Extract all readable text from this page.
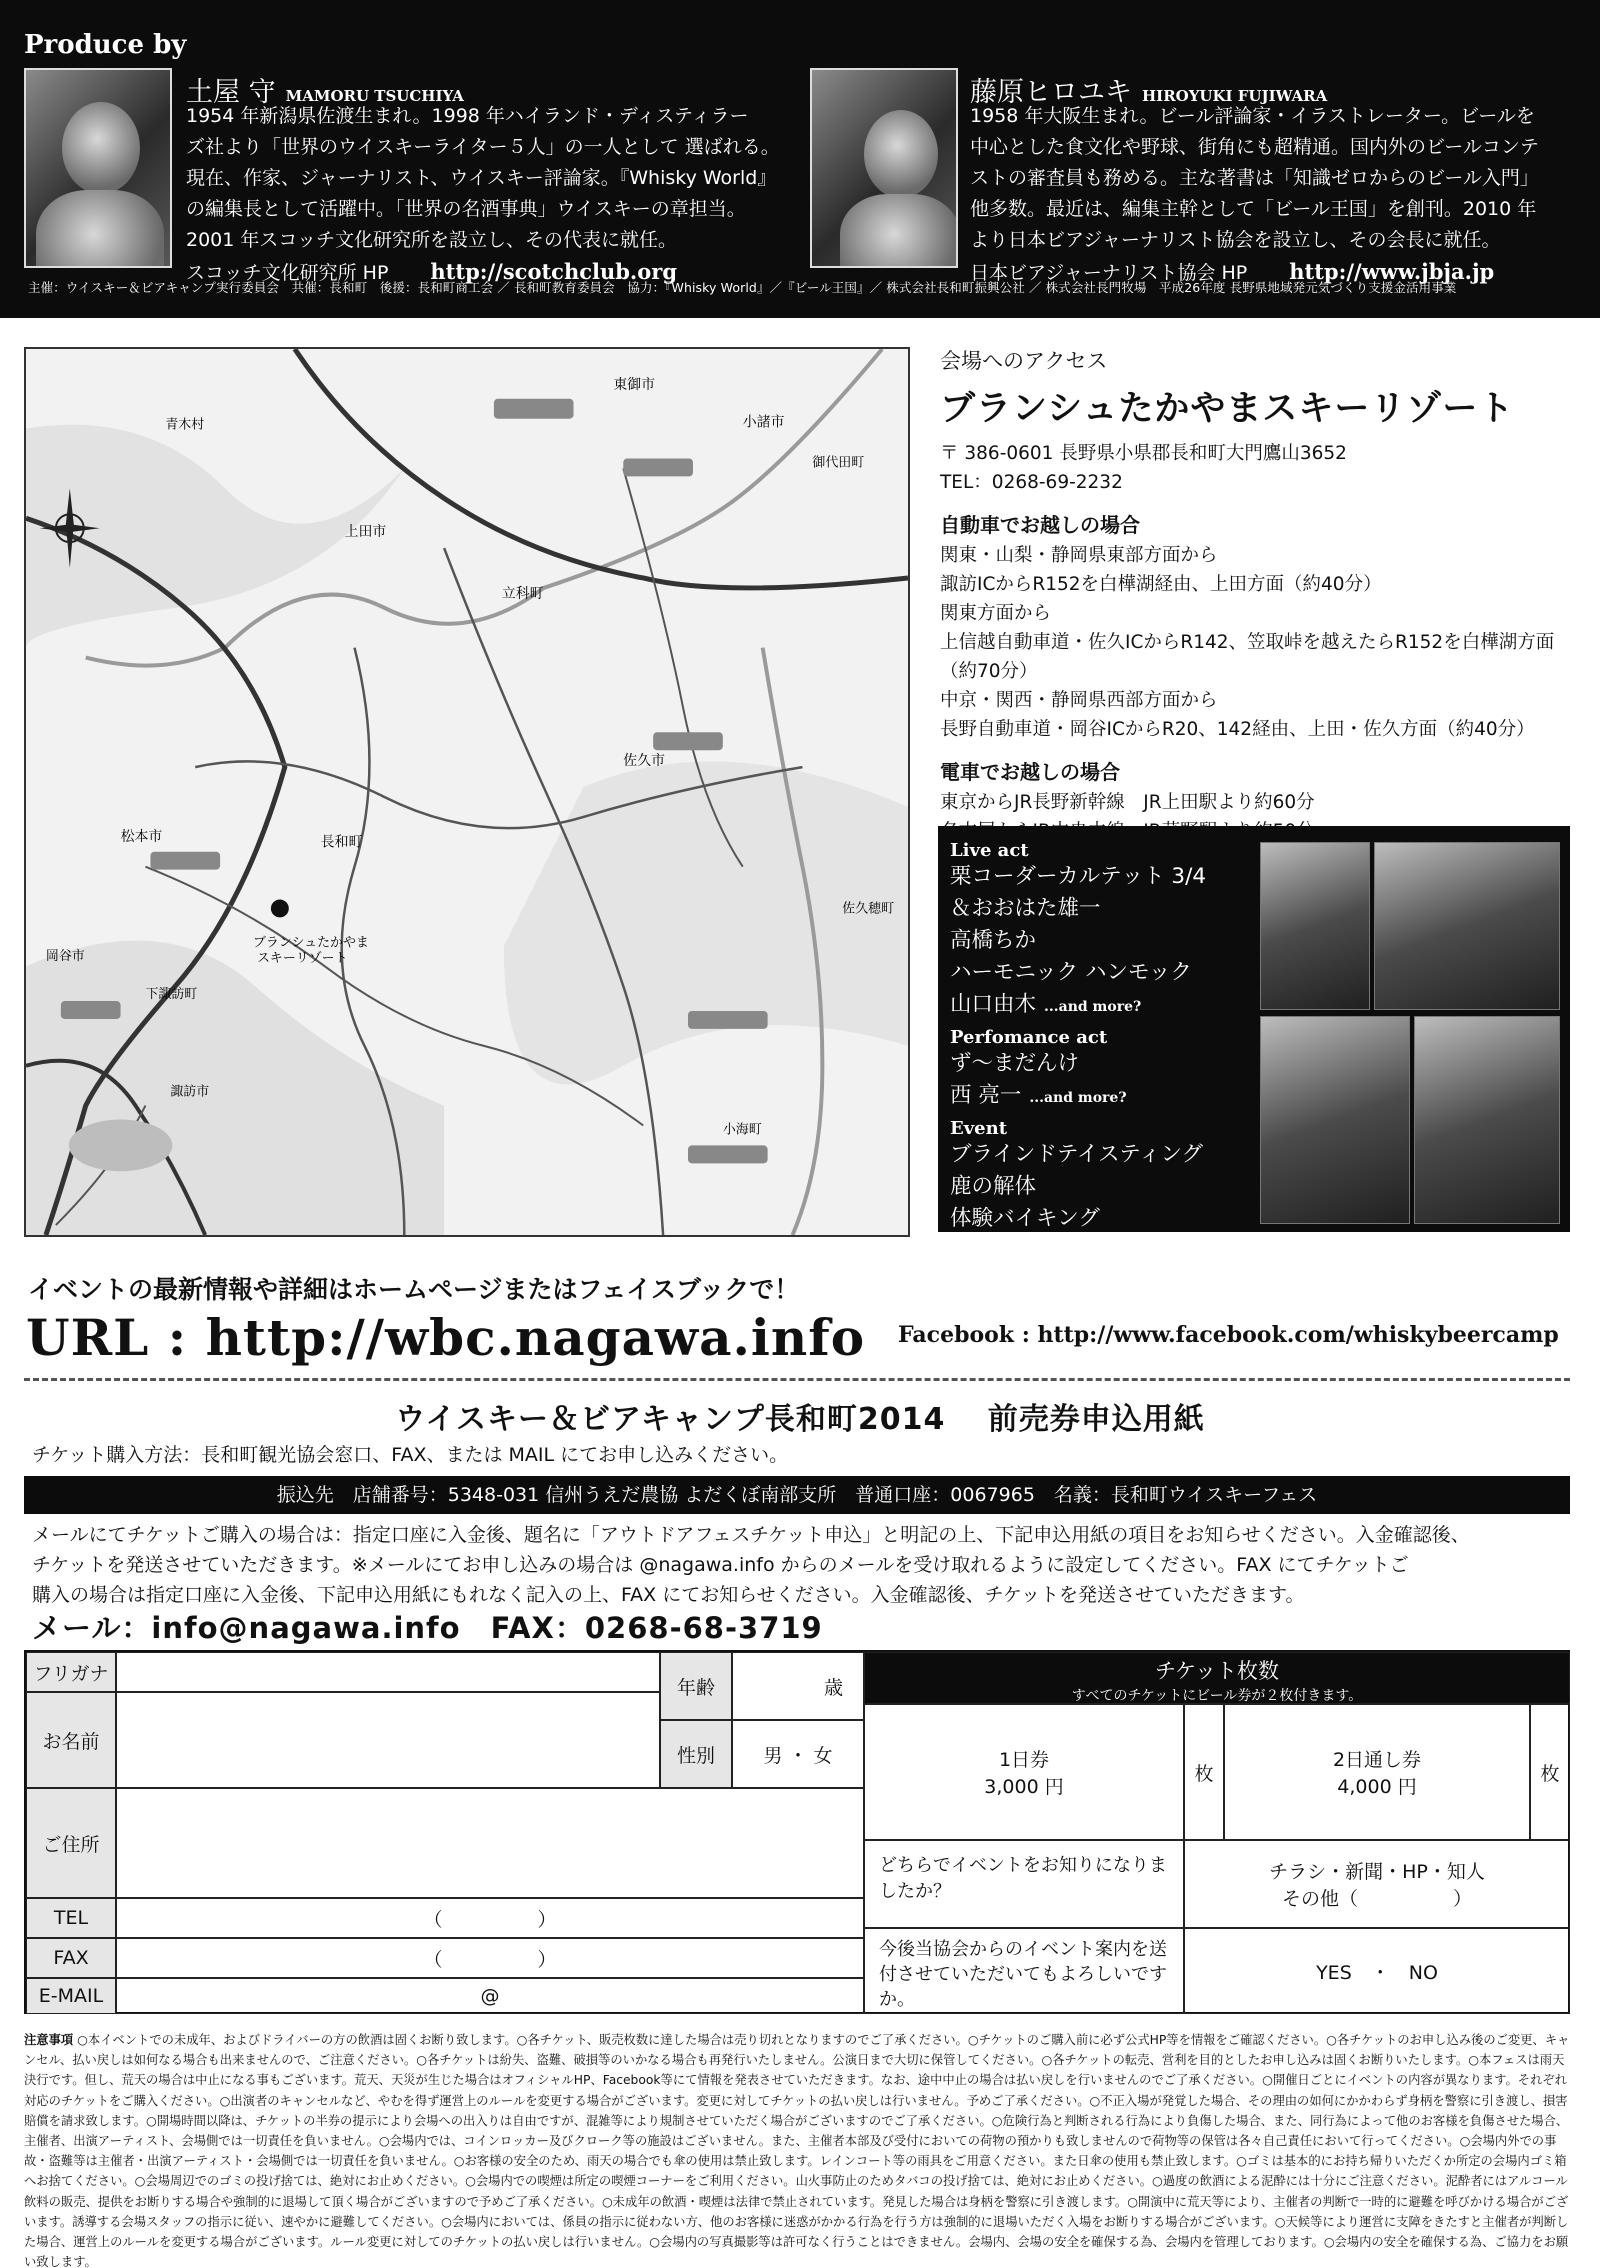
Produce by
土屋 守 MAMORU TSUCHIYA
1954 年新潟県佐渡生まれ。1998 年ハイランド・ディスティラー
ズ社より「世界のウイスキーライター５人」の一人として 選ばれる。
現在、作家、ジャーナリスト、ウイスキー評論家。『Whisky World』
の編集長として活躍中。「世界の名酒事典」ウイスキーの章担当。
2001 年スコッチ文化研究所を設立し、その代表に就任。
スコッチ文化研究所 HP http://scotchclub.org
藤原ヒロユキ HIROYUKI FUJIWARA
1958 年大阪生まれ。ビール評論家・イラストレーター。ビールを
中心とした食文化や野球、街角にも超精通。国内外のビールコンテ
ストの審査員も務める。主な著書は「知識ゼロからのビール入門」
他多数。最近は、編集主幹として「ビール王国」を創刊。2010 年
より日本ビアジャーナリスト協会を設立し、その会長に就任。
日本ビアジャーナリスト協会 HP http://www.jbja.jp
主催：ウイスキー＆ビアキャンプ実行委員会　共催：長和町　後援：長和町商工会 ／ 長和町教育委員会　協力：『Whisky World』／『ビール王国』／ 株式会社長和町振興公社 ／ 株式会社長門牧場　平成26年度 長野県地域発元気づくり支援金活用事業
東御市
小諸市
御代田町
青木村
上田市
立科町
佐久市
松本市	長和町
岡谷市
下諏訪町
諏訪市
佐久穂町
小海町
ブランシュたかやま
スキーリゾート
会場へのアクセス
ブランシュたかやまスキーリゾート
〒 386-0601 長野県小県郡長和町大門鷹山3652
TEL：0268-69-2232
自動車でお越しの場合
関東・山梨・静岡県東部方面から
諏訪ICからR152を白樺湖経由、上田方面（約40分）
関東方面から
上信越自動車道・佐久ICからR142、笠取峠を越えたらR152を白樺湖方面
（約70分）
中京・関西・静岡県西部方面から
長野自動車道・岡谷ICからR20、142経由、上田・佐久方面（約40分）
電車でお越しの場合
東京からJR長野新幹線　JR上田駅より約60分
Live act
栗コーダーカルテット 3/4
＆おおはた雄一
高橋ちか
ハーモニック ハンモック
山口由木 ...and more?
Perfomance act
ず～まだんけ
西 亮一 ...and more?
Event
ブラインドテイスティング
鹿の解体
体験バイキング
ビアスタンプラリー　他
イベントの最新情報や詳細はホームページまたはフェイスブックで！
URL : http://wbc.nagawa.info Facebook : http://www.facebook.com/whiskybeercamp
ウイスキー＆ビアキャンプ長和町2014　 前売券申込用紙
チケット購入方法：長和町観光協会窓口、FAX、または MAIL にてお申し込みください。
振込先　店舗番号：5348-031 信州うえだ農協 よだくぼ南部支所　普通口座：0067965　名義：長和町ウイスキーフェス
メールにてチケットご購入の場合は：指定口座に入金後、題名に「アウトドアフェスチケット申込」と明記の上、下記申込用紙の項目をお知らせください。入金確認後、
チケットを発送させていただきます。※メールにてお申し込みの場合は @nagawa.info からのメールを受け取れるように設定してください。FAX にてチケットご
購入の場合は指定口座に入金後、下記申込用紙にもれなく記入の上、FAX にてお知らせください。入金確認後、チケットを発送させていただきます。
メール：info@nagawa.info　FAX：0268-68-3719
フリガナ
お名前
年齢	歳
性別	男 ・ 女
ご住所
TEL	（　　　　　）
FAX	（　　　　　）
E-MAIL	@
チケット枚数
すべてのチケットにビール券が２枚付きます。
1日券
3,000 円
枚
2日通し券
4,000 円
枚
どちらでイベントをお知りになりましたか？
チラシ・新聞・HP・知人
その他（　　　　　）
今後当協会からのイベント案内を送付させていただいてもよろしいですか。
YES　・　NO
注意事項 ○本イベントでの未成年、およびドライバーの方の飲酒は固くお断り致します。○各チケット、販売枚数に達した場合は売り切れとなりますのでご了承ください。○チケットのご購入前に必ず公式HP等を情報をご確認ください。○各チケットのお申し込み後のご変更、キャンセル、払い戻しは如何なる場合も出来ませんので、ご注意ください。○各チケットは紛失、盗難、破損等のいかなる場合も再発行いたしません。公演日まで大切に保管してください。○各チケットの転売、営利を目的としたお申し込みは固くお断りいたします。○本フェスは雨天決行です。但し、荒天の場合は中止になる事もございます。荒天、天災が生じた場合はオフィシャルHP、Facebook等にて情報を発表させていただきます。なお、途中中止の場合は払い戻しを行いませんのでご了承ください。○開催日ごとにイベントの内容が異なります。それぞれ対応のチケットをご購入ください。○出演者のキャンセルなど、やむを得ず運営上のルールを変更する場合がございます。変更に対してチケットの払い戻しは行いません。予めご了承ください。○不正入場が発覚した場合、その理由の如何にかかわらず身柄を警察に引き渡し、損害賠償を請求致します。○開場時間以降は、チケットの半券の提示により会場への出入りは自由ですが、混雑等により規制させていただく場合がございますのでご了承ください。○危険行為と判断される行為により負傷した場合、また、同行為によって他のお客様を負傷させた場合、主催者、出演アーティスト、会場側では一切責任を負いません。○会場内では、コインロッカー及びクローク等の施設はございません。また、主催者本部及び受付においての荷物の預かりも致しませんので荷物等の保管は各々自己責任において行ってください。○会場内外での事故・盗難等は主催者・出演アーティスト・会場側では一切責任を負いません。○お客様の安全のため、雨天の場合でも傘の使用は禁止致します。レインコート等の雨具をご用意ください。また日傘の使用も禁止致します。○ゴミは基本的にお持ち帰りいただくか所定の会場内ゴミ箱へお捨てください。○会場周辺でのゴミの投げ捨ては、絶対にお止めください。○会場内での喫煙は所定の喫煙コーナーをご利用ください。山火事防止のためタバコの投げ捨ては、絶対にお止めください。○過度の飲酒による泥酔には十分にご注意ください。泥酔者にはアルコール飲料の販売、提供をお断りする場合や強制的に退場して頂く場合がございますので予めご了承ください。○未成年の飲酒・喫煙は法律で禁止されています。発見した場合は身柄を警察に引き渡します。○開演中に荒天等により、主催者の判断で一時的に避難を呼びかける場合がございます。誘導する会場スタッフの指示に従い、速やかに避難してください。○会場内においては、係員の指示に従わない方、他のお客様に迷惑がかかる行為を行う方は強制的に退場いただく入場をお断りする場合がございます。○天候等により運営に支障をきたすと主催者が判断した場合、運営上のルールを変更する場合がございます。ルール変更に対してのチケットの払い戻しは行いません。○会場内の写真撮影等は許可なく行うことはできません。会場内、会場の安全を確保する為、会場内を管理しております。○会場内の安全を確保する為、ご協力をお願い致します。
